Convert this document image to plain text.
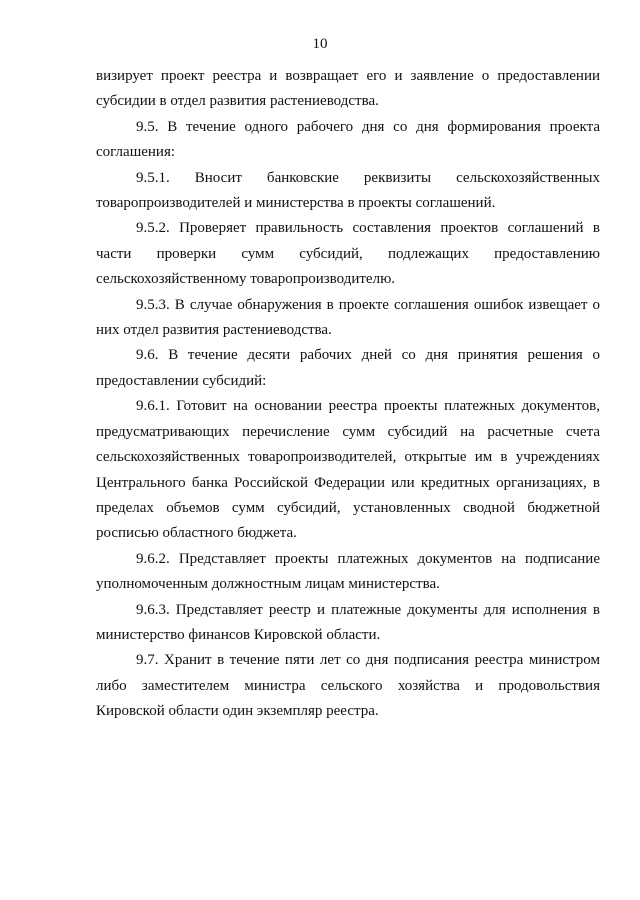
10

визирует проект реестра и возвращает его и заявление о предоставлении субсидии в отдел развития растениеводства.

9.5. В течение одного рабочего дня со дня формирования проекта соглашения:

9.5.1. Вносит банковские реквизиты сельскохозяйственных товаропроизводителей и министерства в проекты соглашений.

9.5.2. Проверяет правильность составления проектов соглашений в части проверки сумм субсидий, подлежащих предоставлению сельскохозяйственному товаропроизводителю.

9.5.3. В случае обнаружения в проекте соглашения ошибок извещает о них отдел развития растениеводства.

9.6. В течение десяти рабочих дней со дня принятия решения о предоставлении субсидий:

9.6.1. Готовит на основании реестра проекты платежных документов, предусматривающих перечисление сумм субсидий на расчетные счета сельскохозяйственных товаропроизводителей, открытые им в учреждениях Центрального банка Российской Федерации или кредитных организациях, в пределах объемов сумм субсидий, установленных сводной бюджетной росписью областного бюджета.

9.6.2. Представляет проекты платежных документов на подписание уполномоченным должностным лицам министерства.

9.6.3. Представляет реестр и платежные документы для исполнения в министерство финансов Кировской области.

9.7. Хранит в течение пяти лет со дня подписания реестра министром либо заместителем министра сельского хозяйства и продовольствия Кировской области один экземпляр реестра.
